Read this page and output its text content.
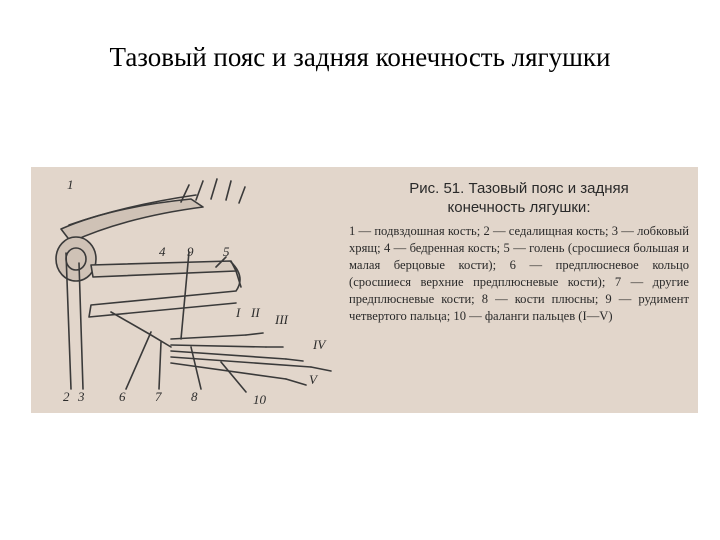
Тазовый пояс и задняя конечность лягушки
1
2 3
4	5
6 7 8
9
10
I II III
IV
V
Рис. 51. Тазовый пояс и задняя
конечность лягушки:
1 — подвздошная кость; 2 — седалищная кость; 3 — лобковый хрящ; 4 — бедренная кость; 5 — голень (сросшиеся большая и малая берцовые кости); 6 — предплюсневое кольцо (сросшиеся верхние предплюсневые кости); 7 — другие предплюсневые кости; 8 — кости плюсны; 9 — рудимент четвертого пальца; 10 — фаланги пальцев (I—V)
